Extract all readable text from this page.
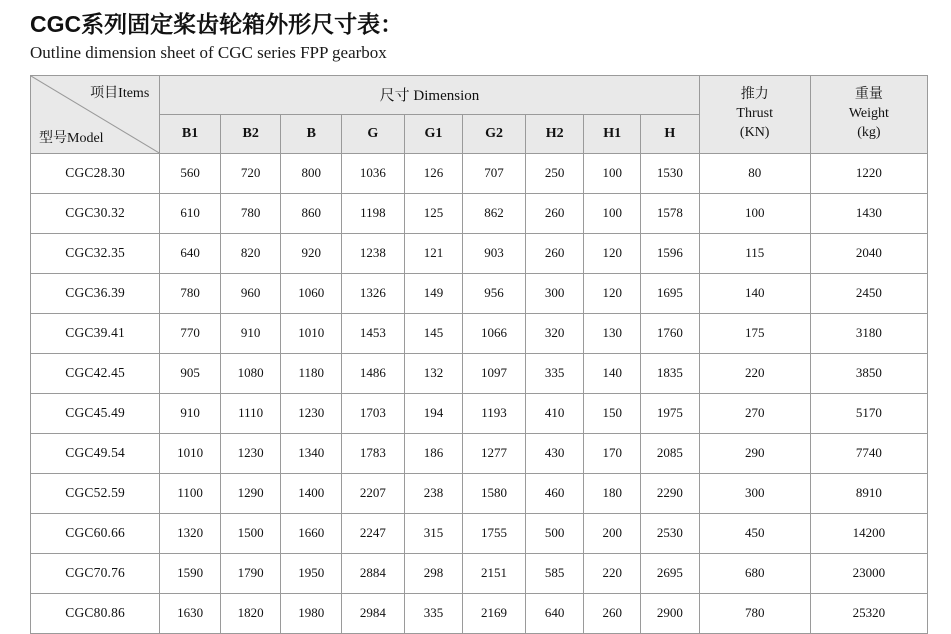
CGC系列固定桨齿轮箱外形尺寸表：
Outline dimension sheet of CGC series FPP gearbox
项目Items
型号Model
	尺寸 Dimension	推力
Thrust
(KN)

重量
Weight
(kg)

	B1	B2	B	G	G1	G2	H2	H1	H		
CGC28.30	560	720	800	1036	126	707	250	100	1530	80	1220
CGC30.32	610	780	860	1198	125	862	260	100	1578	100	1430
CGC32.35	640	820	920	1238	121	903	260	120	1596	115	2040
CGC36.39	780	960	1060	1326	149	956	300	120	1695	140	2450
CGC39.41	770	910	1010	1453	145	1066	320	130	1760	175	3180
CGC42.45	905	1080	1180	1486	132	1097	335	140	1835	220	3850
CGC45.49	910	1110	1230	1703	194	1193	410	150	1975	270	5170
CGC49.54	1010	1230	1340	1783	186	1277	430	170	2085	290	7740
CGC52.59	1100	1290	1400	2207	238	1580	460	180	2290	300	8910
CGC60.66	1320	1500	1660	2247	315	1755	500	200	2530	450	14200
CGC70.76	1590	1790	1950	2884	298	2151	585	220	2695	680	23000
CGC80.86	1630	1820	1980	2984	335	2169	640	260	2900	780	25320
